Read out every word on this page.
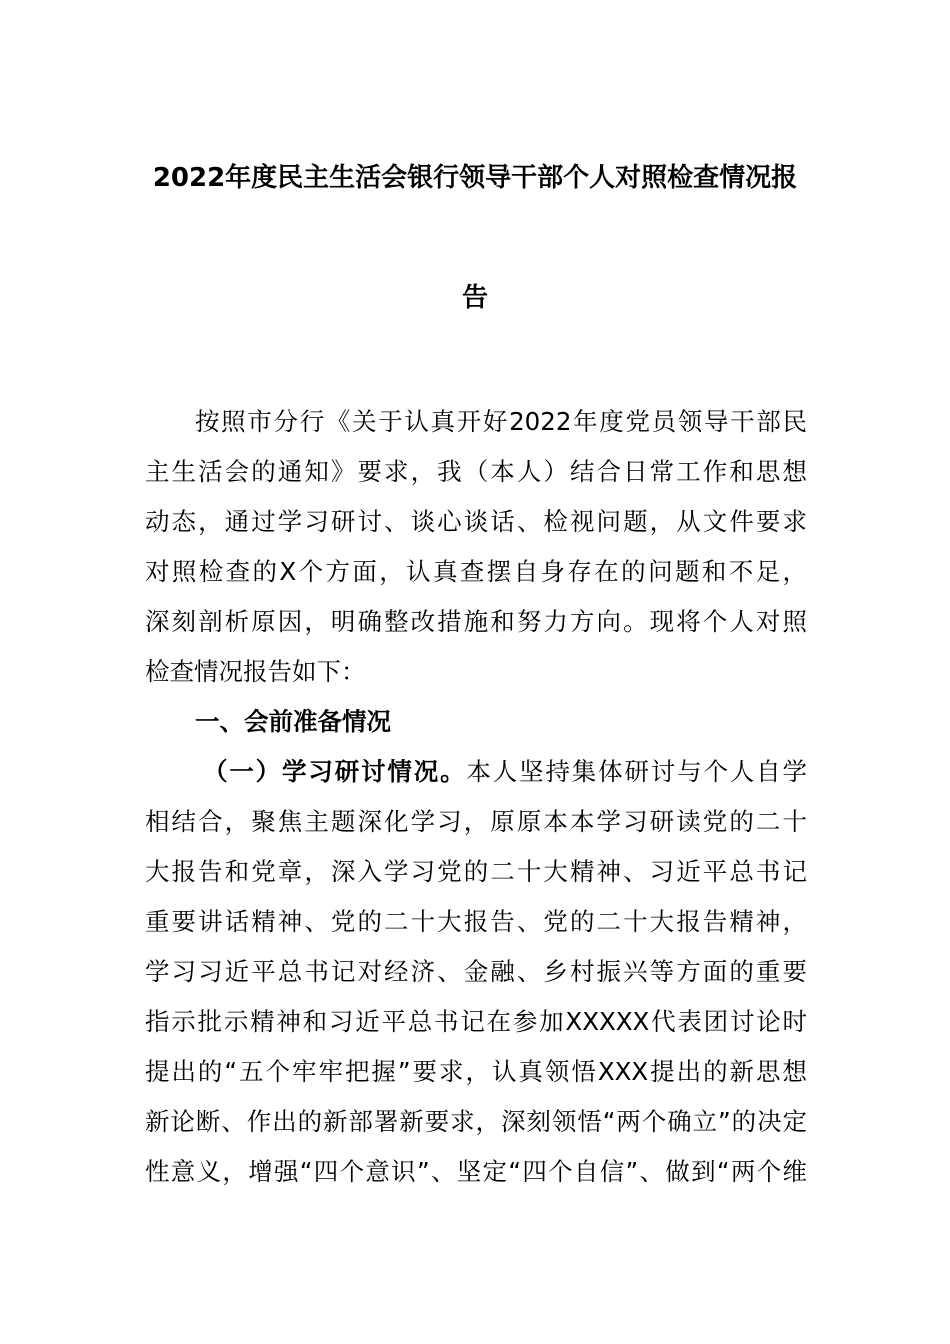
2022年度民主生活会银行领导干部个人对照检查情况报
告
按照市分行《关于认真开好2022年度党员领导干部民
主生活会的通知》要求，我（本人）结合日常工作和思想
动态，通过学习研讨、谈心谈话、检视问题，从文件要求
对照检查的X个方面，认真查摆自身存在的问题和不足，
深刻剖析原因，明确整改措施和努力方向。现将个人对照
检查情况报告如下：
一、会前准备情况
（一）学习研讨情况。本人坚持集体研讨与个人自学
相结合，聚焦主题深化学习，原原本本学习研读党的二十
大报告和党章，深入学习党的二十大精神、习近平总书记
重要讲话精神、党的二十大报告、党的二十大报告精神，
学习习近平总书记对经济、金融、乡村振兴等方面的重要
指示批示精神和习近平总书记在参加XXXXX代表团讨论时
提出的“五个牢牢把握”要求，认真领悟XXX提出的新思想
新论断、作出的新部署新要求，深刻领悟“两个确立”的决定
性意义，增强“四个意识”、坚定“四个自信”、做到“两个维
